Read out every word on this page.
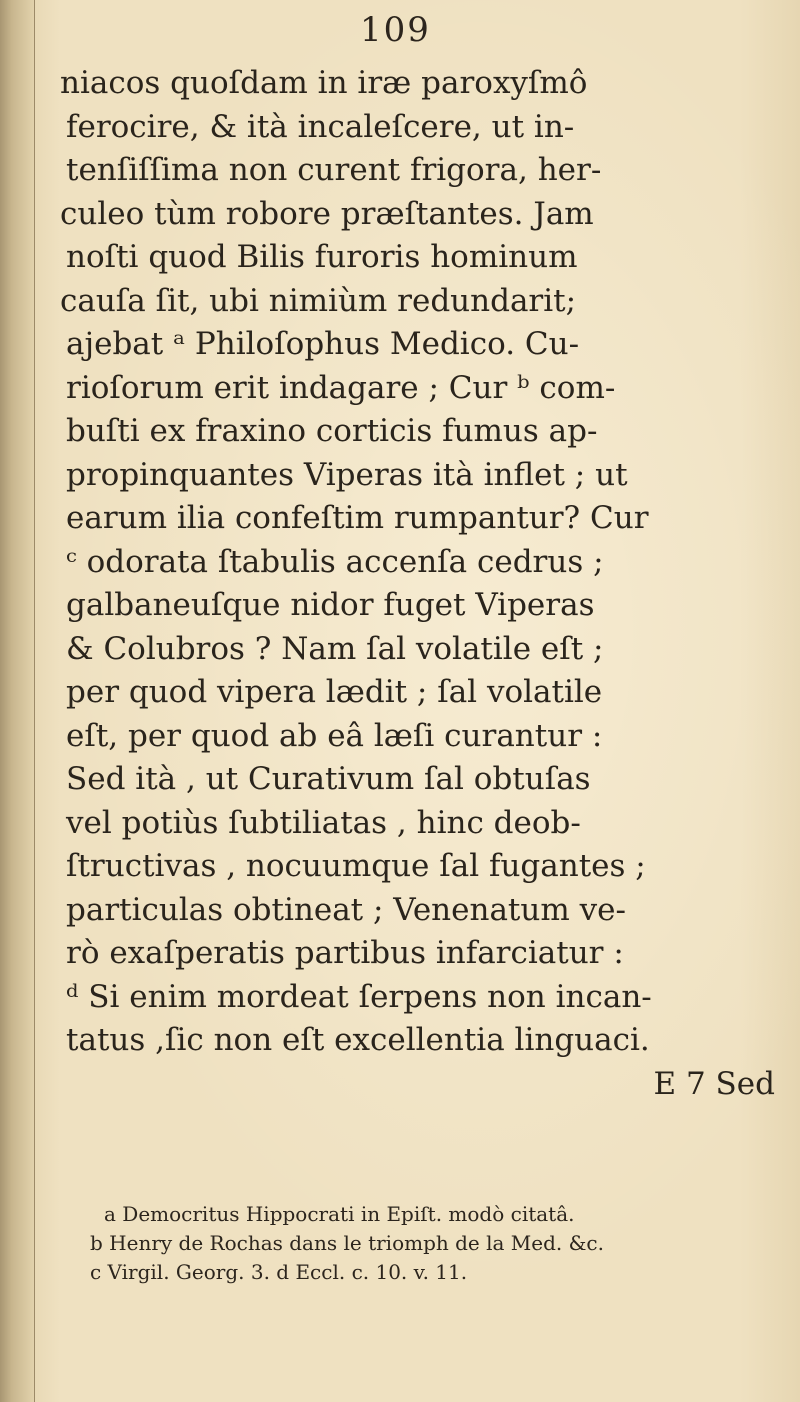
109
niacos quoſdam in iræ paroxyſmô
ferocire, & ità incaleſcere, ut in-
tenſiſſima non curent frigora, her-
culeo tùm robore præſtantes. Jam
noſti quod Bilis furoris hominum
cauſa ſit, ubi nimiùm redundarit;
ajebat ᵃ Philoſophus Medico. Cu-
rioſorum erit indagare ; Cur ᵇ com-
buſti ex fraxino corticis fumus ap-
propinquantes Viperas ità inflet ; ut
earum ilia confeſtim rumpantur? Cur
ᶜ odorata ſtabulis accenſa cedrus ;
galbaneuſque nidor fuget Viperas
& Colubros ? Nam ſal volatile eſt ;
per quod vipera lædit ; ſal volatile
eſt, per quod ab eâ læſi curantur :
Sed ità , ut Curativum ſal obtuſas
vel potiùs ſubtiliatas , hinc deob-
ſtructivas , nocuumque ſal fugantes ;
particulas obtineat ; Venenatum ve-
rò exaſperatis partibus infarciatur :
ᵈ Si enim mordeat ſerpens non incan-
tatus ,ſic non eſt excellentia linguaci.
E 7 Sed
a Democritus Hippocrati in Epiſt. modò citatâ.
b Henry de Rochas dans le triomph de la Med. &c.
c Virgil. Georg. 3. d Eccl. c. 10. v. 11.
